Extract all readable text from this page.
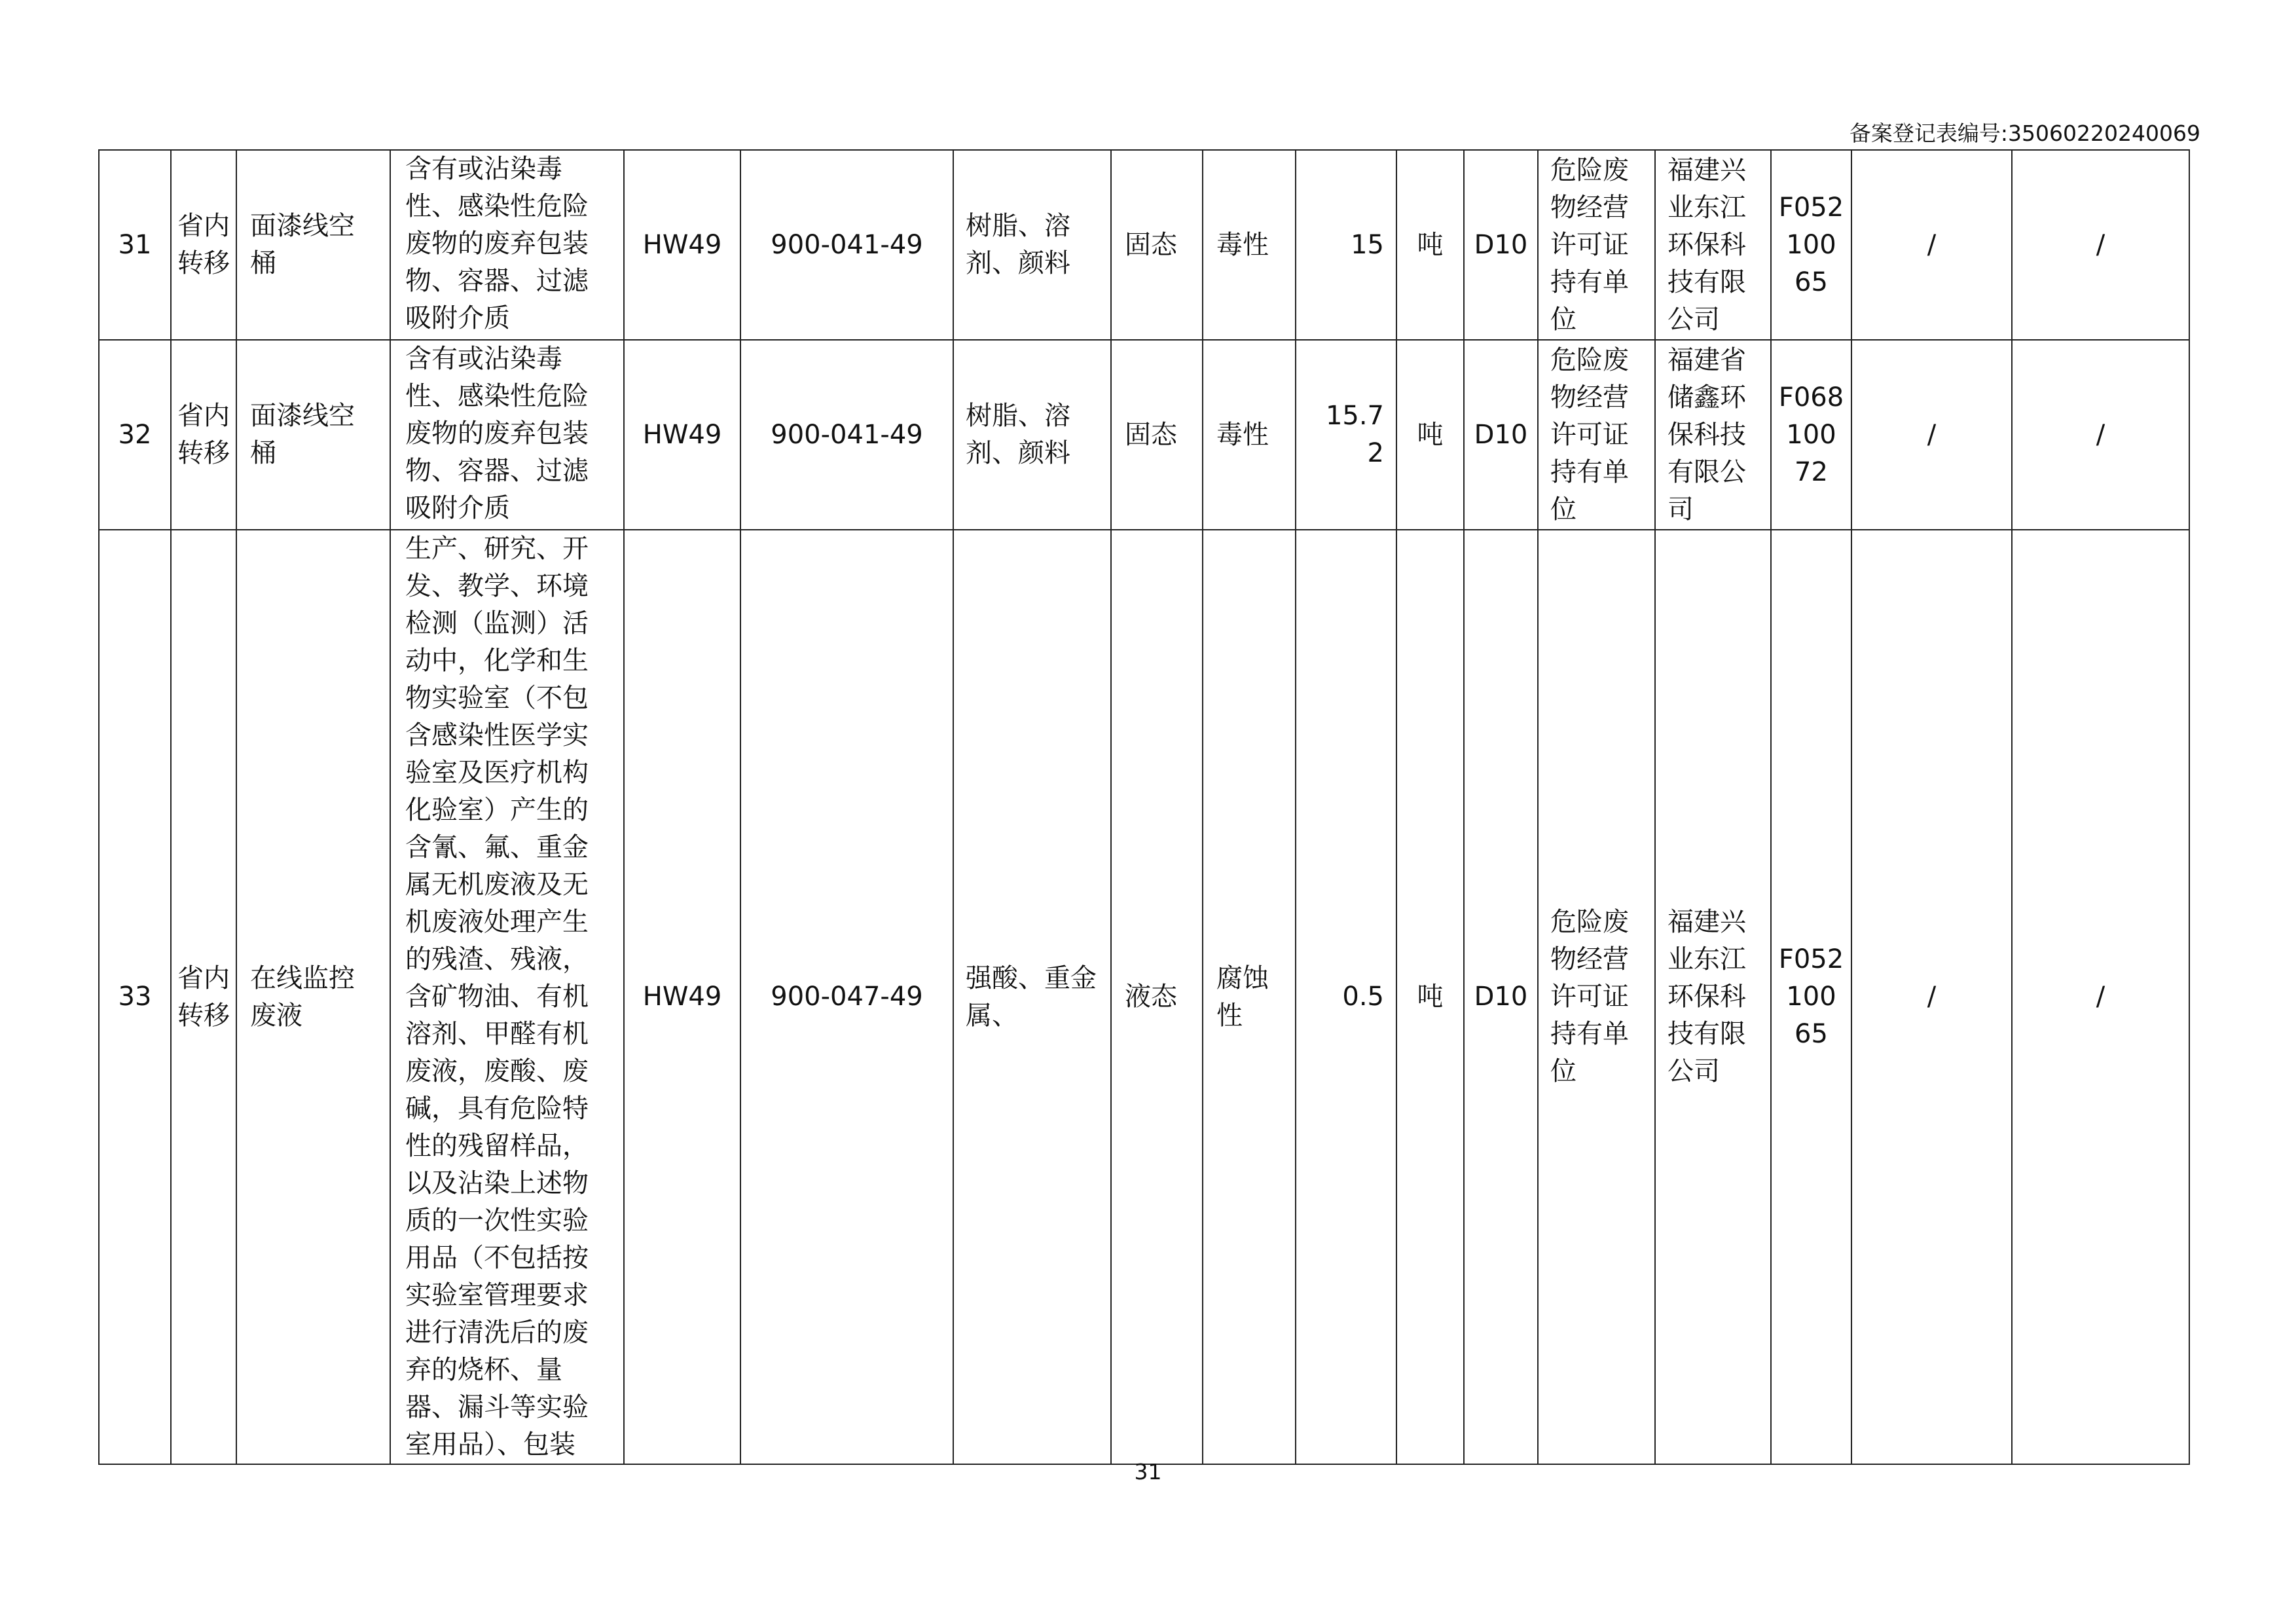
备案登记表编号:35060220240069
31	省内转移	面漆线空桶	含有或沾染毒性、感染性危险废物的废弃包装物、容器、过滤吸附介质	HW49	900-041-49	树脂、溶剂、颜料	固态	毒性	15	吨	D10	危险废物经营许可证持有单位	福建兴业东江环保科技有限公司	F05210065	/	/
32	省内转移	面漆线空桶	含有或沾染毒性、感染性危险废物的废弃包装物、容器、过滤吸附介质	HW49	900-041-49	树脂、溶剂、颜料	固态	毒性	15.72	吨	D10	危险废物经营许可证持有单位	福建省储鑫环保科技有限公司	F06810072	/	/
33	省内转移	在线监控废液	生产、研究、开发、教学、环境检测（监测）活动中，化学和生物实验室（不包含感染性医学实验室及医疗机构化验室）产生的含氰、氟、重金属无机废液及无机废液处理产生的残渣、残液，含矿物油、有机溶剂、甲醛有机废液，废酸、废碱，具有危险特性的残留样品，以及沾染上述物质的一次性实验用品（不包括按实验室管理要求进行清洗后的废弃的烧杯、量器、漏斗等实验室用品）、包装	HW49	900-047-49	强酸、重金属、	液态	腐蚀性	0.5	吨	D10	危险废物经营许可证持有单位	福建兴业东江环保科技有限公司	F05210065	/	/
31
